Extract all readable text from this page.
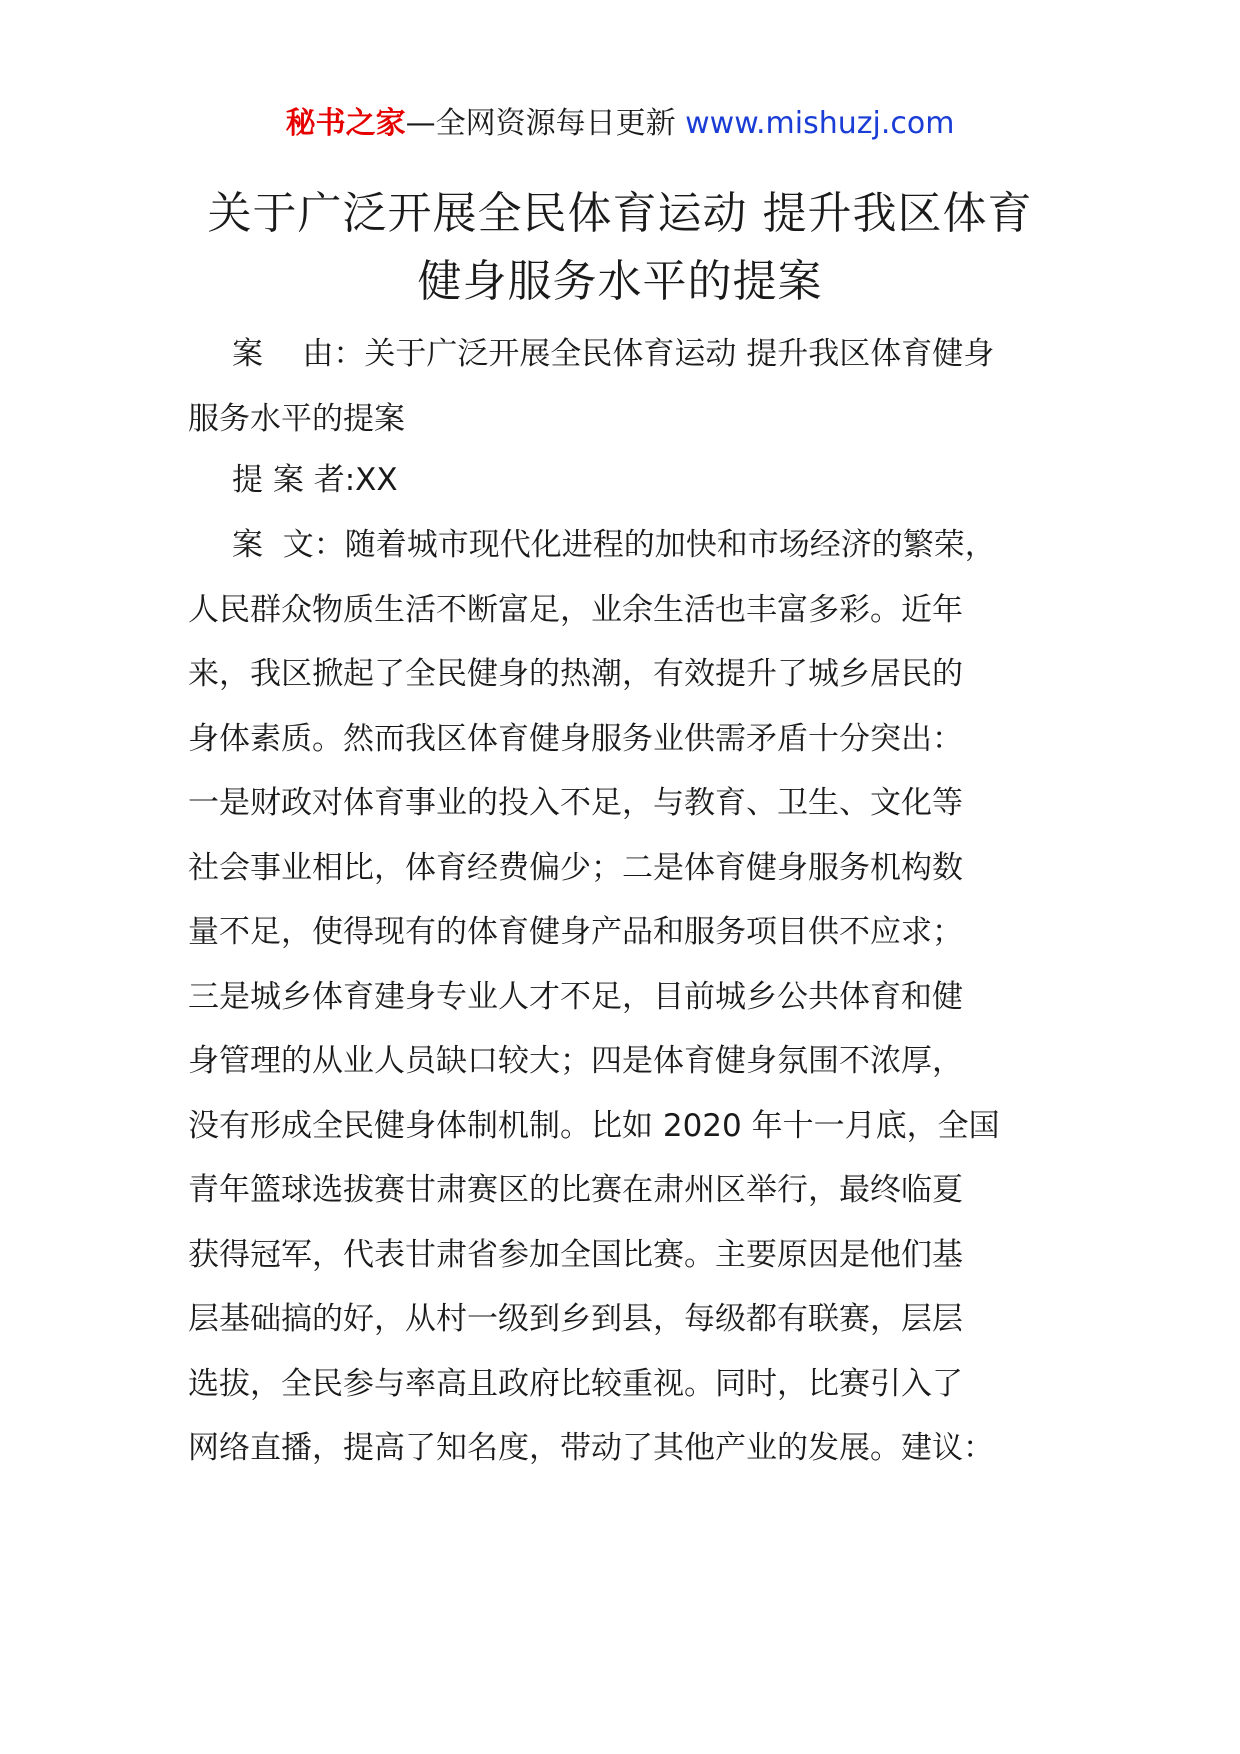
秘书之家—全网资源每日更新 www.mishuzj.com
关于广泛开展全民体育运动 提升我区体育
健身服务水平的提案
案    由：关于广泛开展全民体育运动 提升我区体育健身
服务水平的提案
提 案 者:XX
案  文：随着城市现代化进程的加快和市场经济的繁荣，
人民群众物质生活不断富足，业余生活也丰富多彩。近年
来，我区掀起了全民健身的热潮，有效提升了城乡居民的
身体素质。然而我区体育健身服务业供需矛盾十分突出：
一是财政对体育事业的投入不足，与教育、卫生、文化等
社会事业相比，体育经费偏少；二是体育健身服务机构数
量不足，使得现有的体育健身产品和服务项目供不应求；
三是城乡体育建身专业人才不足，目前城乡公共体育和健
身管理的从业人员缺口较大；四是体育健身氛围不浓厚，
没有形成全民健身体制机制。比如 2020 年十一月底，全国
青年篮球选拔赛甘肃赛区的比赛在肃州区举行，最终临夏
获得冠军，代表甘肃省参加全国比赛。主要原因是他们基
层基础搞的好，从村一级到乡到县，每级都有联赛，层层
选拔，全民参与率高且政府比较重视。同时，比赛引入了
网络直播，提高了知名度，带动了其他产业的发展。建议：
